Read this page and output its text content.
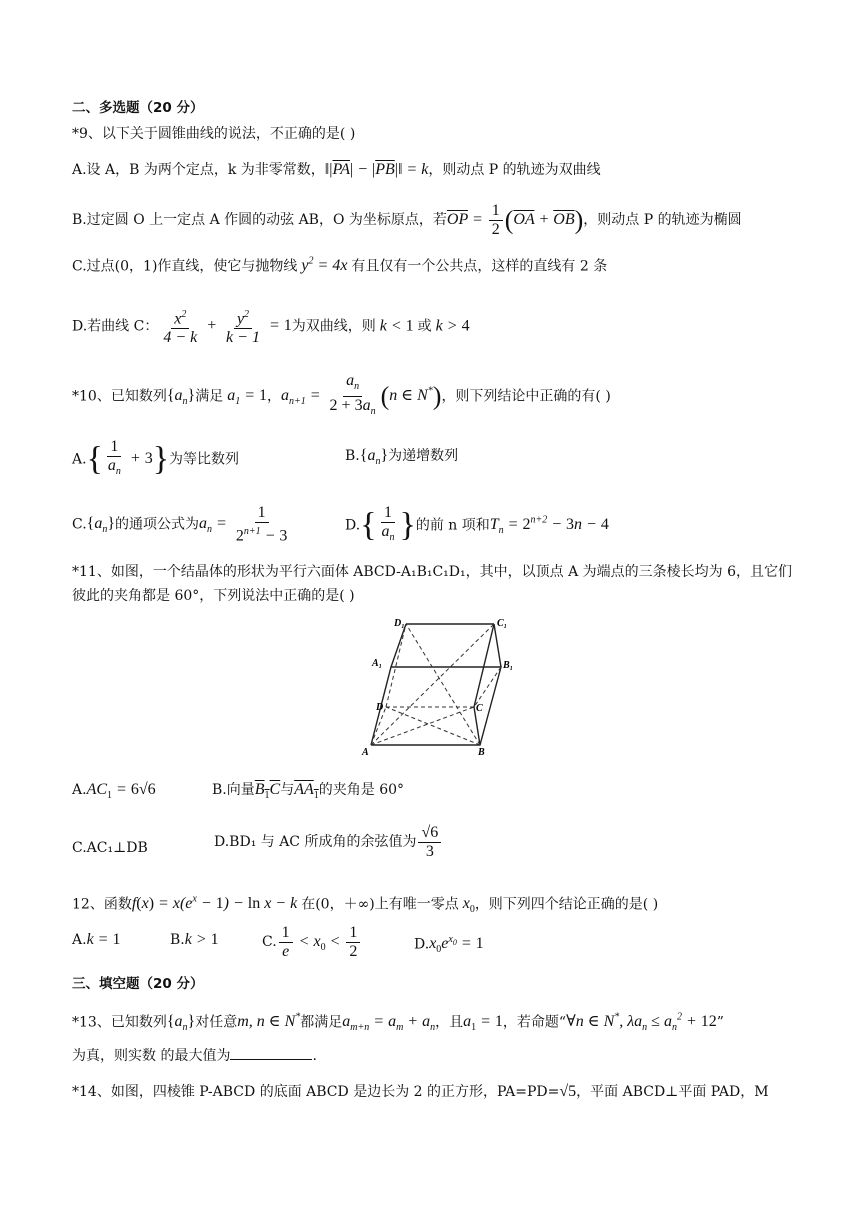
二、多选题（20 分）
*9、以下关于圆锥曲线的说法，不正确的是( )
A.设 A，B 为两个定点，k 为非零常数，$‖|\overline{PA}|$ − $|\overline{PB}|‖ = k$，则动点 P 的轨迹为双曲线
B.过定圆 O 上一定点 A 作圆的动弦 AB，O 为坐标原点，若$\overline{OP} = \frac{1}{2} (\overline{OA} + \overline{OB})$，则动点 P 的轨迹为椭圆
C.过点(0，1)作直线，使它与抛物线 $y^2 = 4x$ 有且仅有一个公共点，这样的直线有 2 条
D.若曲线 C： $\frac{x^2}{4 - k} + \frac{y^2}{k - 1} = 1$为双曲线，则 k < 1 或 k > 4
*10、已知数列$\{a_n\}$满足 $a_1 = 1$，$a_{n+1} = \frac{a_n}{2 + 3a_n} (n$ ∈ N*)，则下列结论中正确的有( )
$A.\{ \frac{1}{a_n} + 3\}$为等比数列	$B.\{a_n\}$为递增数列
$C.\{a_n\}$的通项公式为$a_n = \frac{1}{2^{n+1} - 3}$	$D.\{ \frac{1}{a_n}$ }的前 n 项和$T_n = 2^{n+2} - 3n - 4$
*11、如图，一个结晶体的形状为平行六面体 ABCD-A₁B₁C₁D₁，其中，以顶点 A 为端点的三条棱长均为 6，且它们彼此的夹角都是 60°，下列说法中正确的是( )
D₁	C₁
A₁	B₁
D	C
A	B
$A.AC_1 = 6√6$	B.向量$B_1C$与$AA_1$的夹角是 60°
C.AC₁⊥DB	D.BD₁ 与 AC 所成角的余弦值为 $\frac{√6}{3}$
12、函数$f(x) = x(e^x - 1) - \ln x - k$ 在(0，＋∞)上有唯一零点 $x_0$，则下列四个结论正确的是( )
A.k = 1	B.k > 1	C. $\frac{1}{e} < x_0 < \frac{1}{2}$	$D.x_0e^{x_0} = 1$
三、填空题（20 分）
*13、已知数列$\{a_n\}$对任意m, n ∈ N*都满足$a_{m+n} = a_m + a_n$，且$a_1 = 1$，若命题“∀n ∈ N*, $\lambda a_n \le a_n^2 + 12$”
为真，则实数 的最大值为	.
*14、如图，四棱锥 P-ABCD 的底面 ABCD 是边长为 2 的正方形，PA=PD=√5，平面 ABCD⊥平面 PAD，M
